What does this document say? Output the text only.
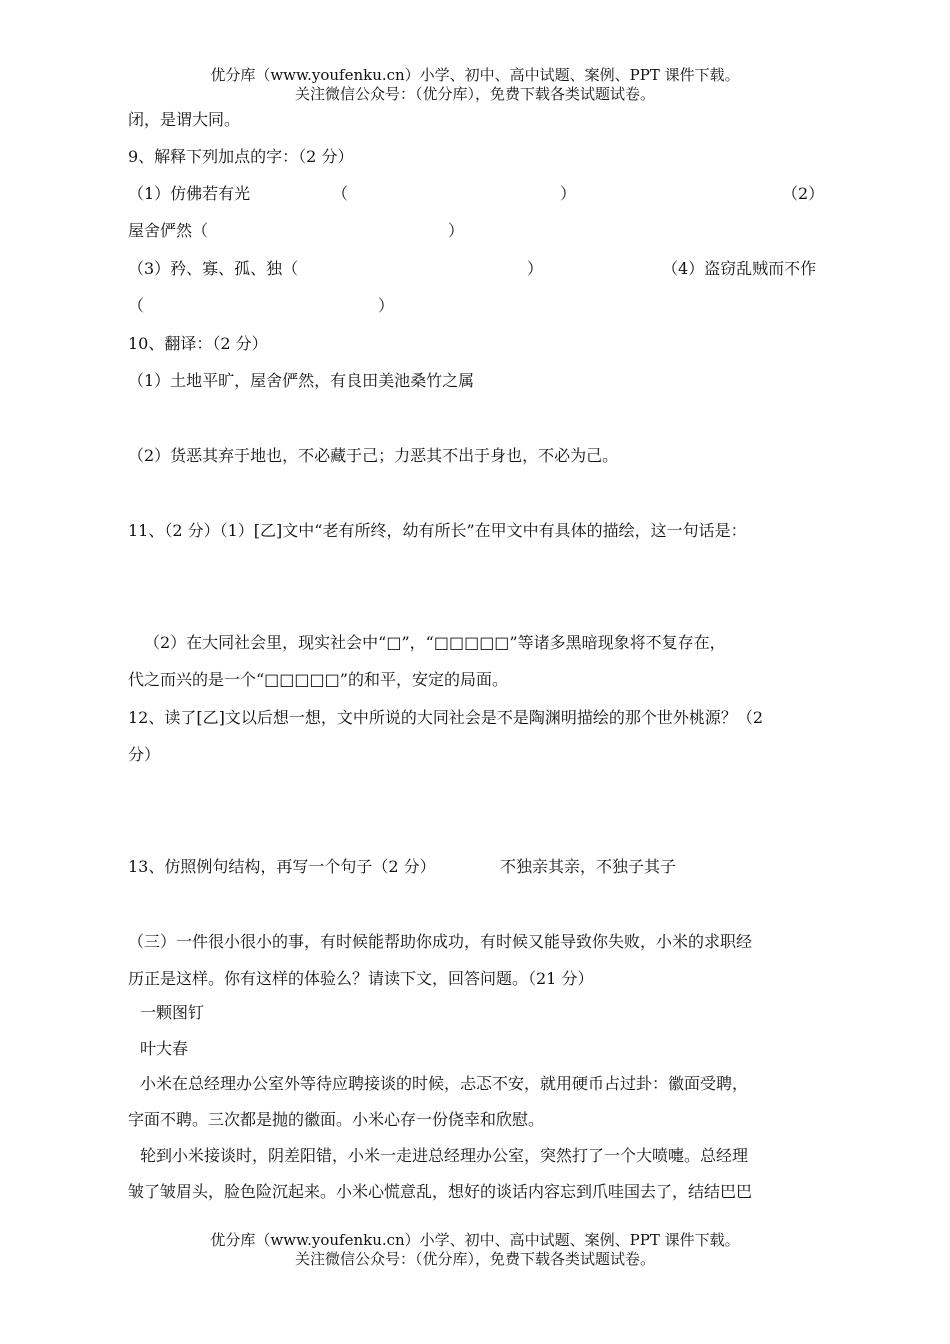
优分库（www.youfenku.cn）小学、初中、高中试题、案例、PPT 课件下载。
关注微信公众号：（优分库），免费下载各类试题试卷。
闭，是谓大同。
9、解释下列加点的字：（2 分）
（1）仿佛若有光	（	）	（2）
屋舍俨然（	）
（3）矜、寡、孤、独（	）	（4）盗窃乱贼而不作
（	）
10、翻译：（2 分）
（1）土地平旷，屋舍俨然，有良田美池桑竹之属
（2）货恶其弃于地也，不必藏于己；力恶其不出于身也，不必为己。
11、（2 分）（1）[乙]文中“老有所终，幼有所长”在甲文中有具体的描绘，这一句话是：
（2）在大同社会里，现实社会中“□”，“□□□□□”等诸多黑暗现象将不复存在，
代之而兴的是一个“□□□□□”的和平，安定的局面。
12、读了[乙]文以后想一想，文中所说的大同社会是不是陶渊明描绘的那个世外桃源？（2
分）
13、仿照例句结构，再写一个句子（2 分）	不独亲其亲，不独子其子
（三）一件很小很小的事，有时候能帮助你成功，有时候又能导致你失败，小米的求职经
历正是这样。你有这样的体验么？请读下文，回答问题。（21 分）
一颗图钉
叶大春
小米在总经理办公室外等待应聘接谈的时候，忐忑不安，就用硬币占过卦：徽面受聘，
字面不聘。三次都是抛的徽面。小米心存一份侥幸和欣慰。
轮到小米接谈时，阴差阳错，小米一走进总经理办公室，突然打了一个大喷嚏。总经理
皱了皱眉头，脸色险沉起来。小米心慌意乱，想好的谈话内容忘到爪哇国去了，结结巴巴
优分库（www.youfenku.cn）小学、初中、高中试题、案例、PPT 课件下载。
关注微信公众号：（优分库），免费下载各类试题试卷。
